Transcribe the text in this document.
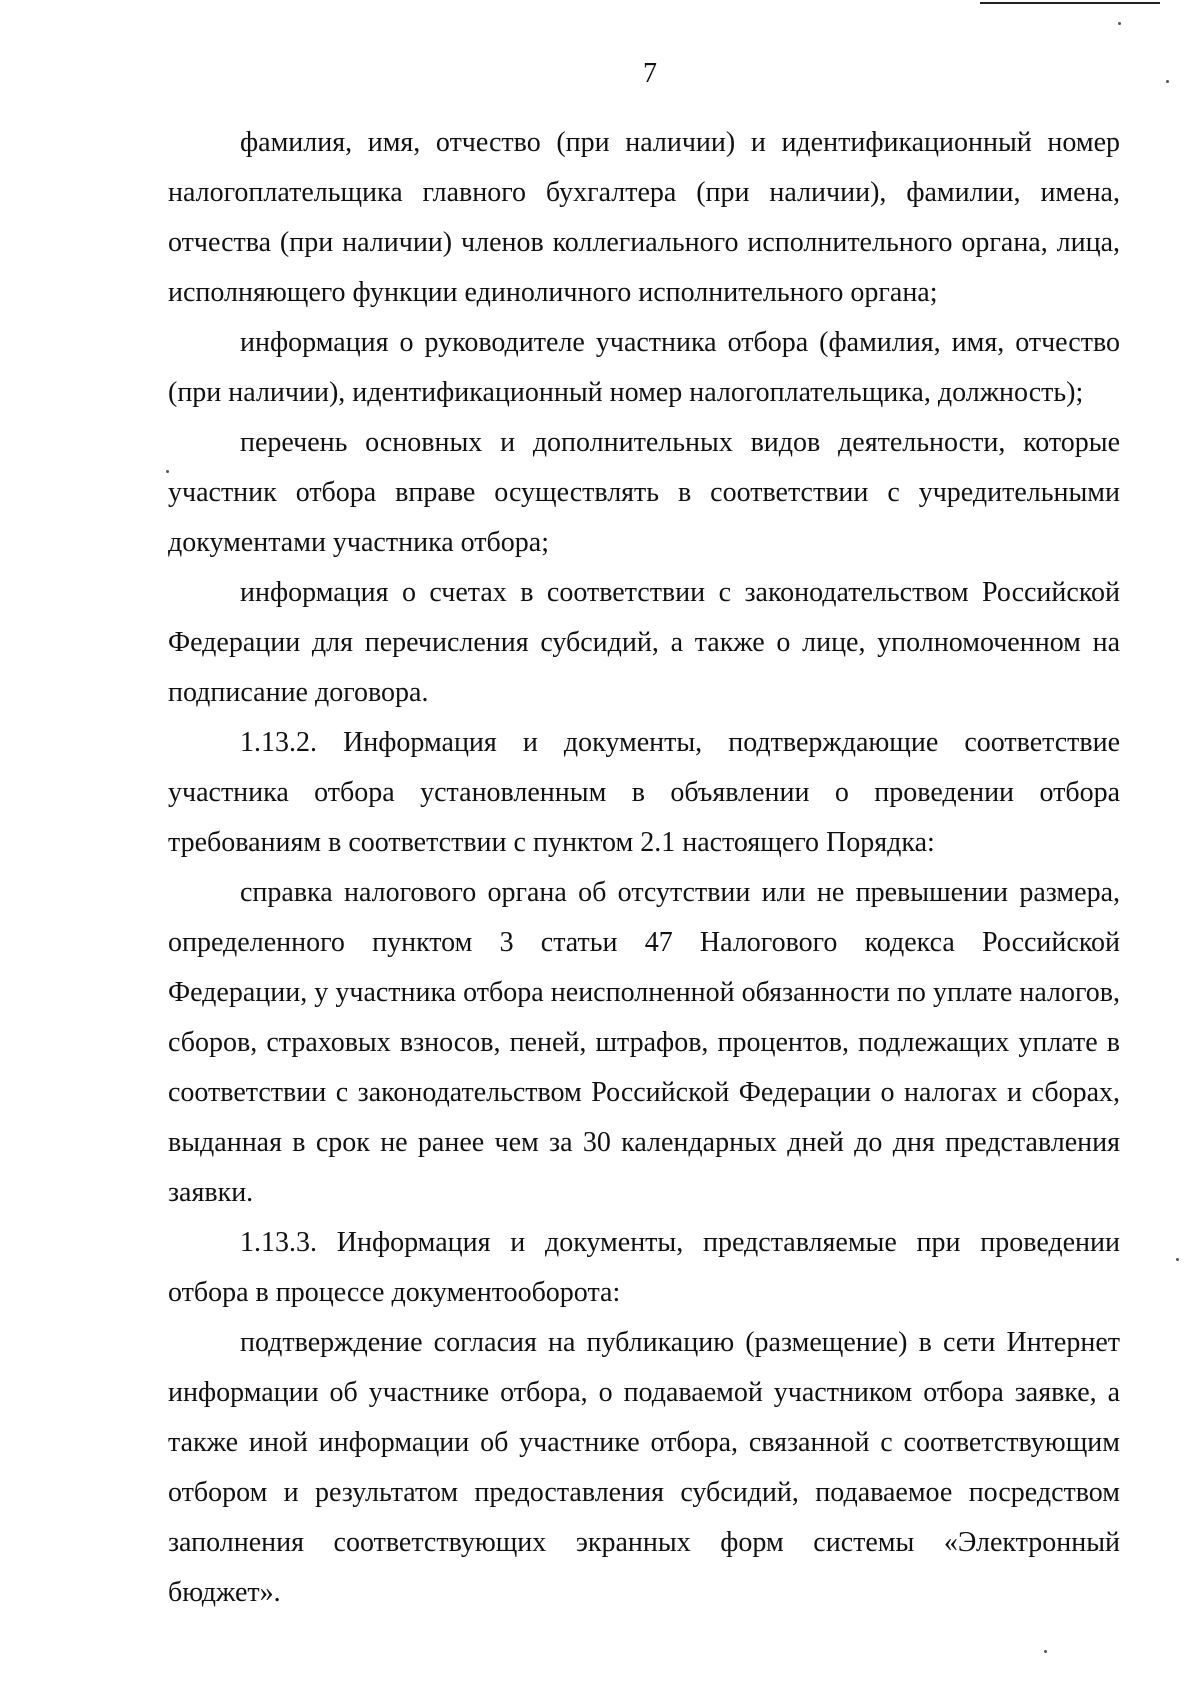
7

фамилия, имя, отчество (при наличии) и идентификационный номер налогоплательщика главного бухгалтера (при наличии), фамилии, имена, отчества (при наличии) членов коллегиального исполнительного органа, лица, исполняющего функции единоличного исполнительного органа;

информация о руководителе участника отбора (фамилия, имя, отчество (при наличии), идентификационный номер налогоплательщика, должность);

перечень основных и дополнительных видов деятельности, которые участник отбора вправе осуществлять в соответствии с учредительными документами участника отбора;

информация о счетах в соответствии с законодательством Российской Федерации для перечисления субсидий, а также о лице, уполномоченном на подписание договора.

1.13.2. Информация и документы, подтверждающие соответствие участника отбора установленным в объявлении о проведении отбора требованиям в соответствии с пунктом 2.1 настоящего Порядка:

справка налогового органа об отсутствии или не превышении размера, определенного пунктом 3 статьи 47 Налогового кодекса Российской Федерации, у участника отбора неисполненной обязанности по уплате налогов, сборов, страховых взносов, пеней, штрафов, процентов, подлежащих уплате в соответствии с законодательством Российской Федерации о налогах и сборах, выданная в срок не ранее чем за 30 календарных дней до дня представления заявки.

1.13.3. Информация и документы, представляемые при проведении отбора в процессе документооборота:

подтверждение согласия на публикацию (размещение) в сети Интернет информации об участнике отбора, о подаваемой участником отбора заявке, а также иной информации об участнике отбора, связанной с соответствующим отбором и результатом предоставления субсидий, подаваемое посредством заполнения соответствующих экранных форм системы «Электронный бюджет».
